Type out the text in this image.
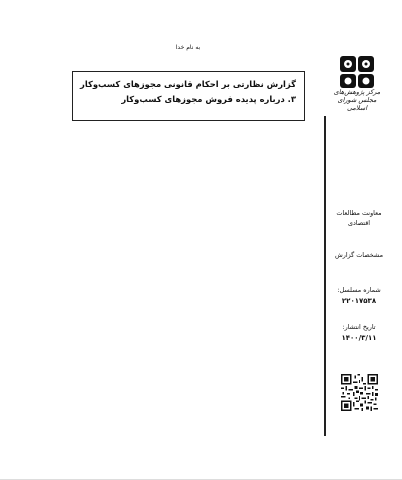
به نام خدا
گزارش نظارتی بر احکام قانونی مجوزهای کسب‌وکار
۳. درباره پدیده فروش مجوزهای کسب‌وکار
مرکز پژوهش‌های مجلس شورای اسلامی
معاونت مطالعات اقتصادی
مشخصات گزارش
شماره مسلسل:
۲۲۰۱۷۵۳۸
تاریخ انتشار:
۱۴۰۰/۳/۱۱
